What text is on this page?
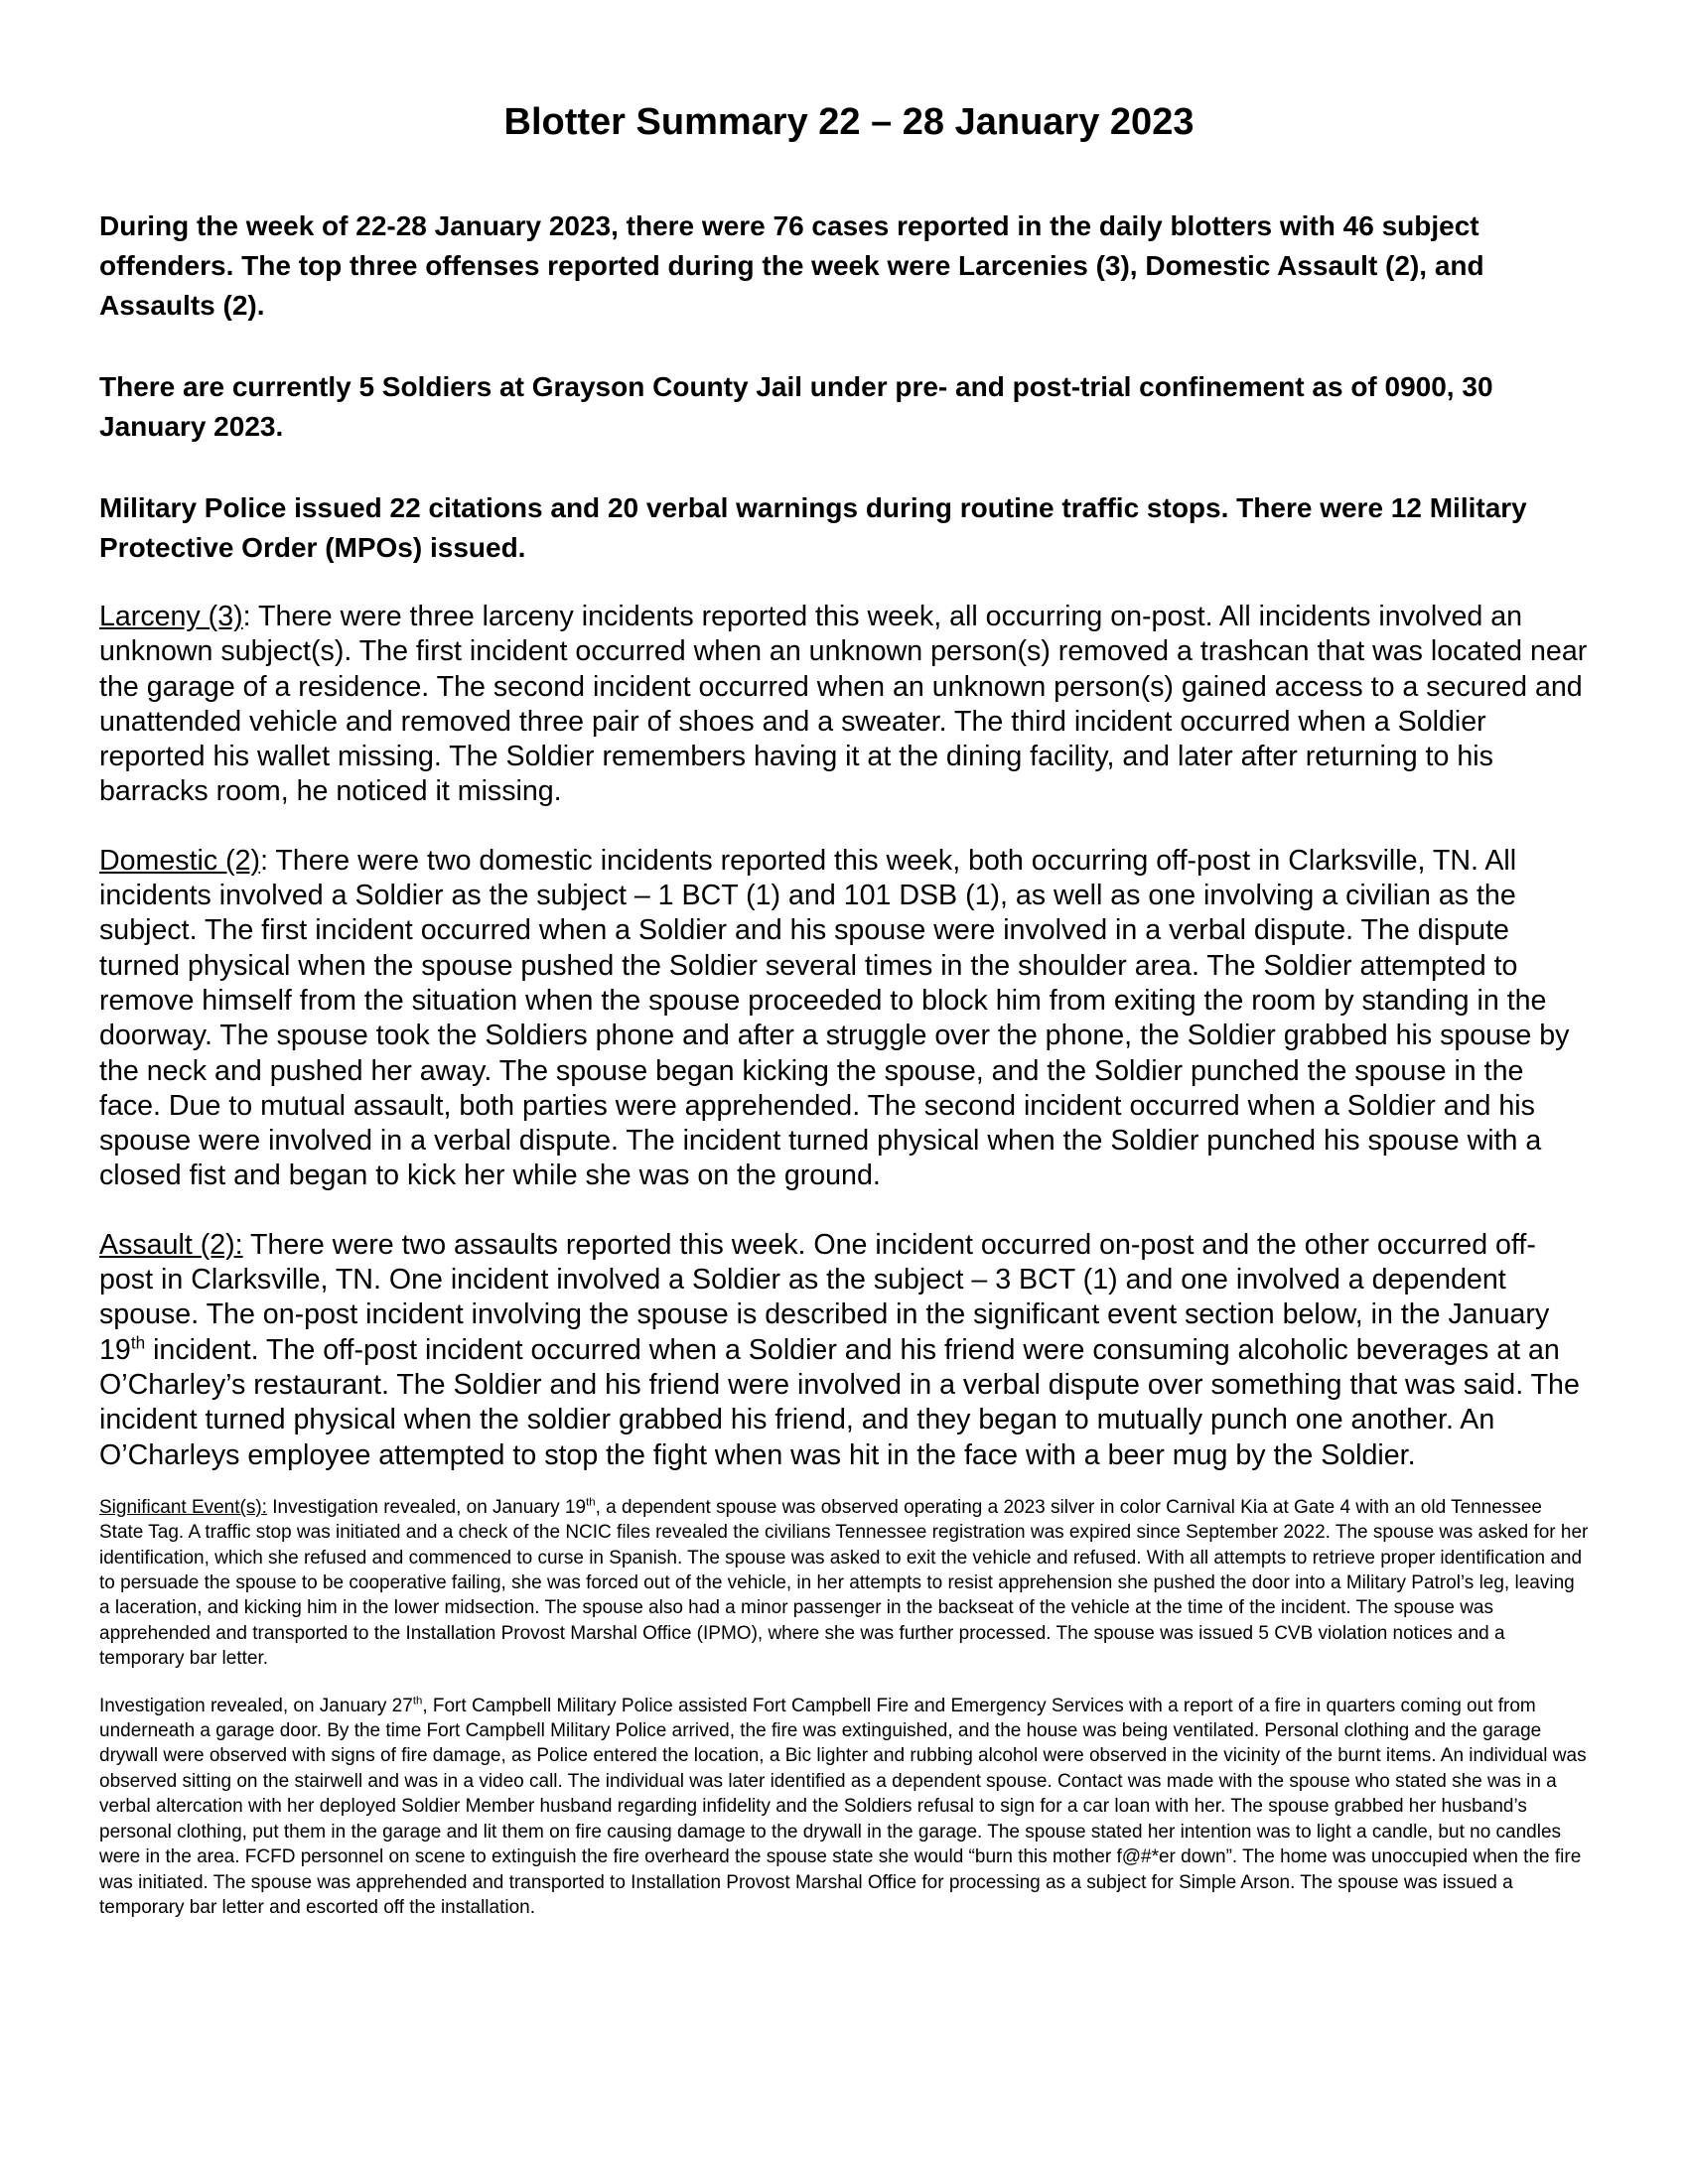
Blotter Summary 22 – 28 January 2023

During the week of 22-28 January 2023, there were 76 cases reported in the daily blotters with 46 subject offenders. The top three offenses reported during the week were Larcenies (3), Domestic Assault (2), and Assaults (2).

There are currently 5 Soldiers at Grayson County Jail under pre- and post-trial confinement as of 0900, 30 January 2023.

Military Police issued 22 citations and 20 verbal warnings during routine traffic stops. There were 12 Military Protective Order (MPOs) issued.

Larceny (3): There were three larceny incidents reported this week, all occurring on-post. All incidents involved an unknown subject(s). The first incident occurred when an unknown person(s) removed a trashcan that was located near the garage of a residence. The second incident occurred when an unknown person(s) gained access to a secured and unattended vehicle and removed three pair of shoes and a sweater. The third incident occurred when a Soldier reported his wallet missing. The Soldier remembers having it at the dining facility, and later after returning to his barracks room, he noticed it missing.

Domestic (2): There were two domestic incidents reported this week, both occurring off-post in Clarksville, TN. All incidents involved a Soldier as the subject – 1 BCT (1) and 101 DSB (1), as well as one involving a civilian as the subject. The first incident occurred when a Soldier and his spouse were involved in a verbal dispute. The dispute turned physical when the spouse pushed the Soldier several times in the shoulder area. The Soldier attempted to remove himself from the situation when the spouse proceeded to block him from exiting the room by standing in the doorway. The spouse took the Soldiers phone and after a struggle over the phone, the Soldier grabbed his spouse by the neck and pushed her away. The spouse began kicking the spouse, and the Soldier punched the spouse in the face. Due to mutual assault, both parties were apprehended. The second incident occurred when a Soldier and his spouse were involved in a verbal dispute. The incident turned physical when the Soldier punched his spouse with a closed fist and began to kick her while she was on the ground.

Assault (2): There were two assaults reported this week. One incident occurred on-post and the other occurred off-post in Clarksville, TN. One incident involved a Soldier as the subject – 3 BCT (1) and one involved a dependent spouse. The on-post incident involving the spouse is described in the significant event section below, in the January 19th incident. The off-post incident occurred when a Soldier and his friend were consuming alcoholic beverages at an O’Charley’s restaurant. The Soldier and his friend were involved in a verbal dispute over something that was said. The incident turned physical when the soldier grabbed his friend, and they began to mutually punch one another. An O’Charleys employee attempted to stop the fight when was hit in the face with a beer mug by the Soldier.

Significant Event(s): Investigation revealed, on January 19th, a dependent spouse was observed operating a 2023 silver in color Carnival Kia at Gate 4 with an old Tennessee State Tag. A traffic stop was initiated and a check of the NCIC files revealed the civilians Tennessee registration was expired since September 2022. The spouse was asked for her identification, which she refused and commenced to curse in Spanish. The spouse was asked to exit the vehicle and refused. With all attempts to retrieve proper identification and to persuade the spouse to be cooperative failing, she was forced out of the vehicle, in her attempts to resist apprehension she pushed the door into a Military Patrol’s leg, leaving a laceration, and kicking him in the lower midsection. The spouse also had a minor passenger in the backseat of the vehicle at the time of the incident. The spouse was apprehended and transported to the Installation Provost Marshal Office (IPMO), where she was further processed. The spouse was issued 5 CVB violation notices and a temporary bar letter.

Investigation revealed, on January 27th, Fort Campbell Military Police assisted Fort Campbell Fire and Emergency Services with a report of a fire in quarters coming out from underneath a garage door. By the time Fort Campbell Military Police arrived, the fire was extinguished, and the house was being ventilated. Personal clothing and the garage drywall were observed with signs of fire damage, as Police entered the location, a Bic lighter and rubbing alcohol were observed in the vicinity of the burnt items. An individual was observed sitting on the stairwell and was in a video call. The individual was later identified as a dependent spouse. Contact was made with the spouse who stated she was in a verbal altercation with her deployed Soldier Member husband regarding infidelity and the Soldiers refusal to sign for a car loan with her. The spouse grabbed her husband’s personal clothing, put them in the garage and lit them on fire causing damage to the drywall in the garage. The spouse stated her intention was to light a candle, but no candles were in the area. FCFD personnel on scene to extinguish the fire overheard the spouse state she would “burn this mother f@#*er down”. The home was unoccupied when the fire was initiated. The spouse was apprehended and transported to Installation Provost Marshal Office for processing as a subject for Simple Arson. The spouse was issued a temporary bar letter and escorted off the installation.
